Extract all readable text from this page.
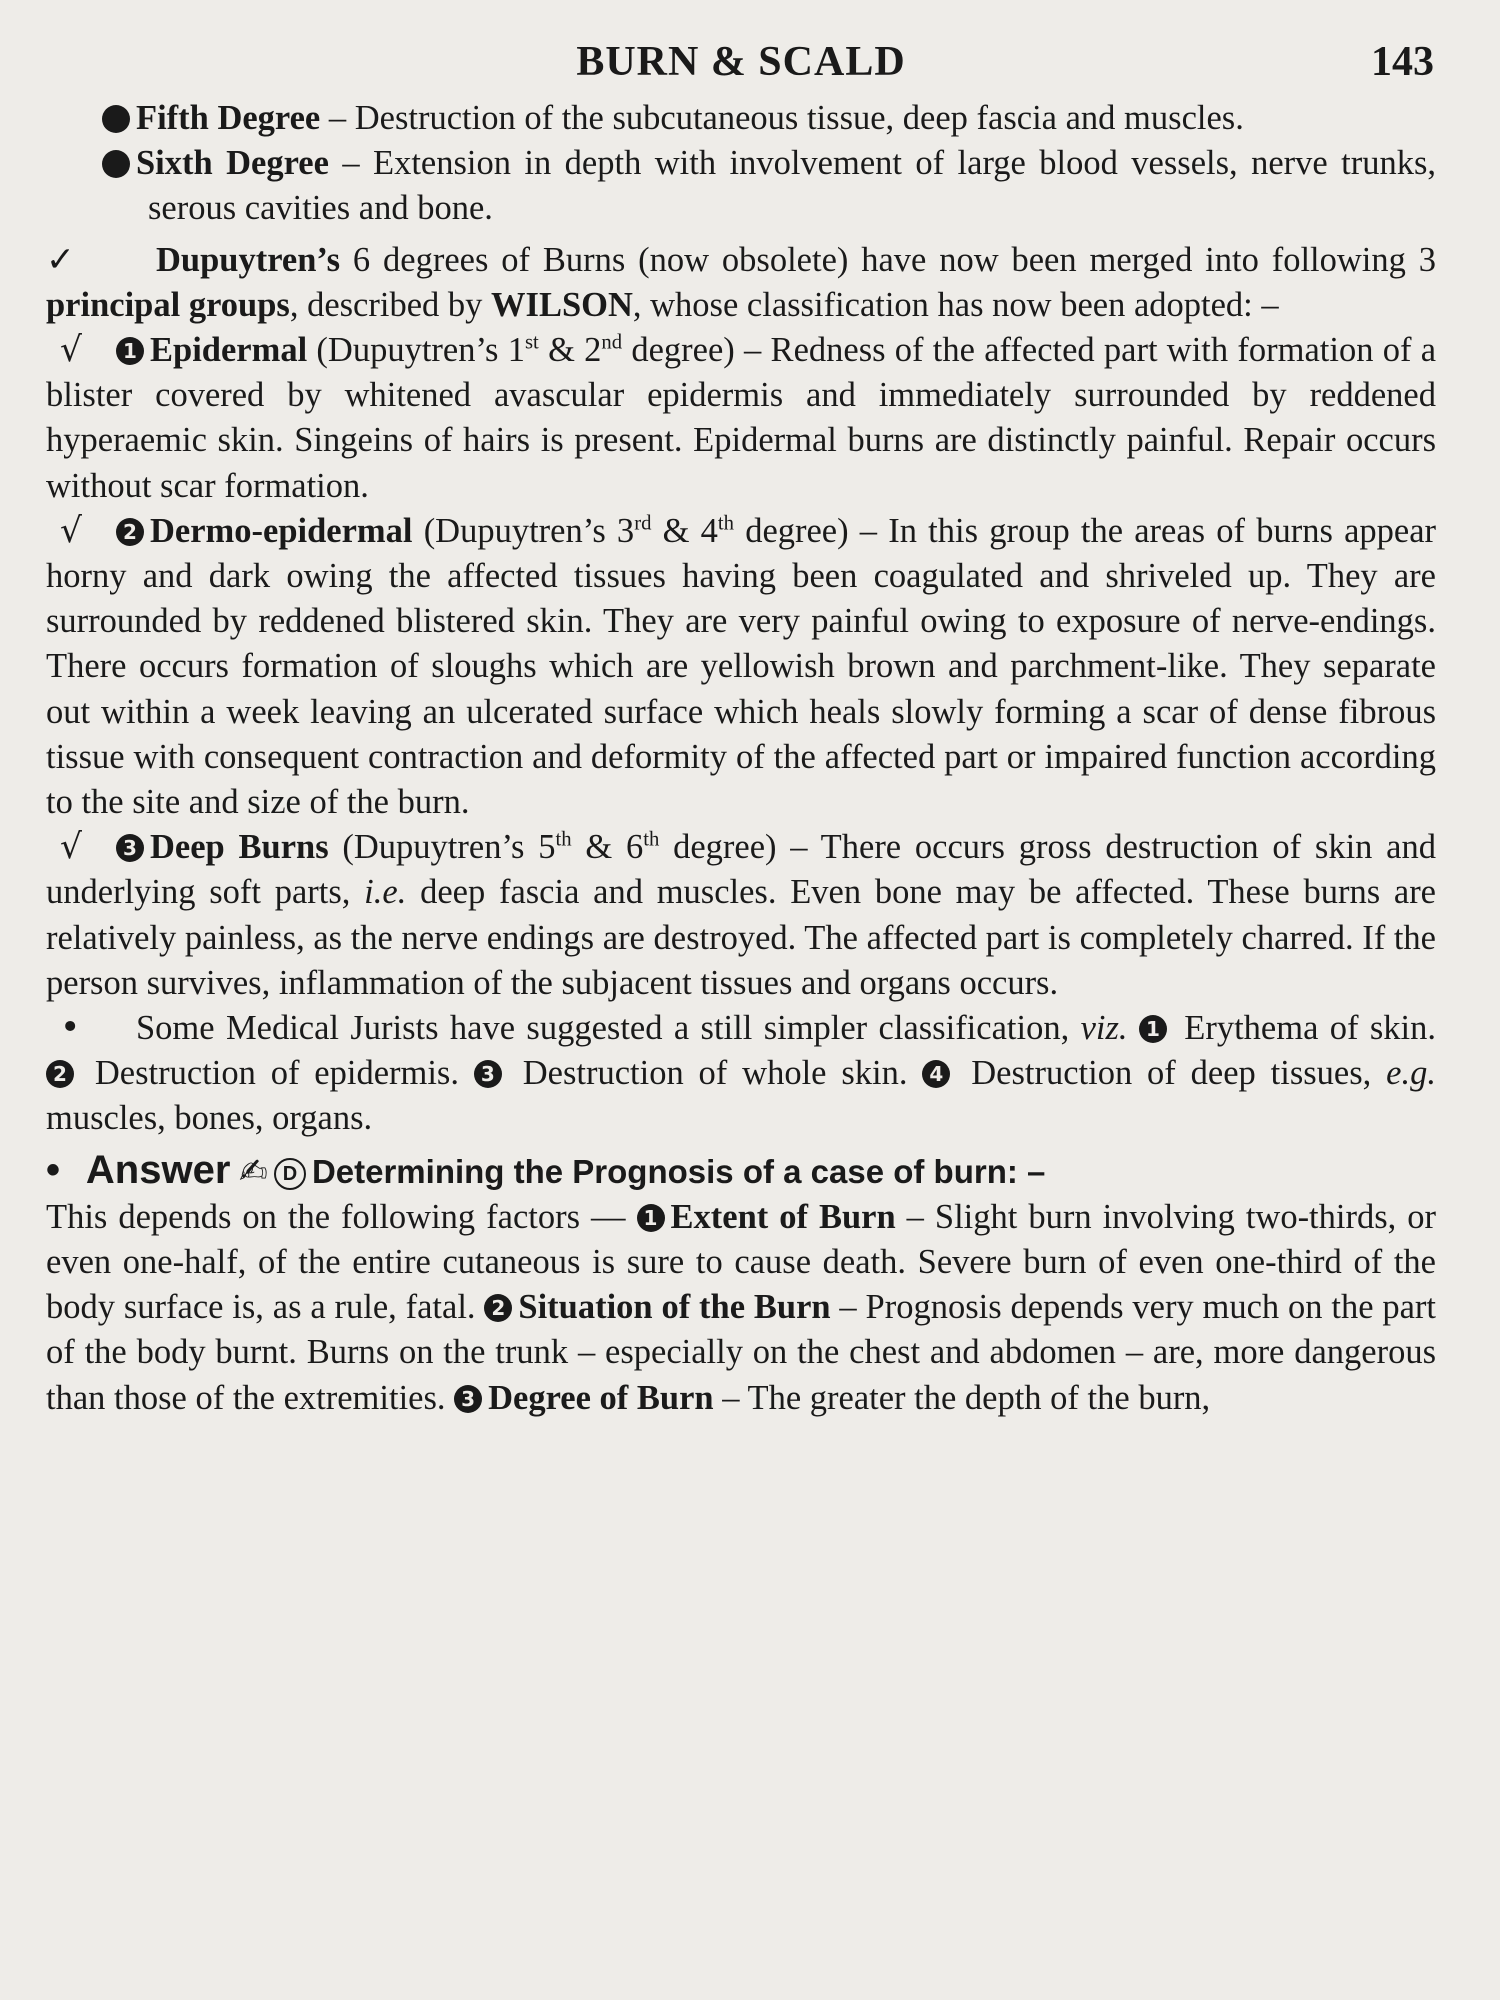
BURN & SCALD	143

5 Fifth Degree – Destruction of the subcutaneous tissue, deep fascia and muscles.

6 Sixth Degree – Extension in depth with involvement of large blood vessels, nerve trunks, serous cavities and bone.

✓ Dupuytren’s 6 degrees of Burns (now obsolete) have now been merged into following 3 principal groups, described by WILSON, whose classification has now been adopted: –

√ 1 Epidermal (Dupuytren’s 1st & 2nd degree) – Redness of the affected part with formation of a blister covered by whitened avascular epidermis and immediately surrounded by reddened hyperaemic skin. Singeins of hairs is present. Epidermal burns are distinctly painful. Repair occurs without scar formation.

√ 2 Dermo-epidermal (Dupuytren’s 3rd & 4th degree) – In this group the areas of burns appear horny and dark owing the affected tissues having been coagulated and shriveled up. They are surrounded by reddened blistered skin. They are very painful owing to exposure of nerve-endings. There occurs formation of sloughs which are yellowish brown and parchment-like. They separate out within a week leaving an ulcerated surface which heals slowly forming a scar of dense fibrous tissue with consequent contraction and deformity of the affected part or impaired function according to the site and size of the burn.

√ 3 Deep Burns (Dupuytren’s 5th & 6th degree) – There occurs gross destruction of skin and underlying soft parts, i.e. deep fascia and muscles. Even bone may be affected. These burns are relatively painless, as the nerve endings are destroyed. The affected part is completely charred. If the person survives, inflammation of the subjacent tissues and organs occurs.

• Some Medical Jurists have suggested a still simpler classification, viz. 1 Erythema of skin. 2 Destruction of epidermis. 3 Destruction of whole skin. 4 Destruction of deep tissues, e.g. muscles, bones, organs.

• Answer ✍ D Determining the Prognosis of a case of burn: –

This depends on the following factors — 1 Extent of Burn – Slight burn involving two-thirds, or even one-half, of the entire cutaneous is sure to cause death. Severe burn of even one-third of the body surface is, as a rule, fatal. 2 Situation of the Burn – Prognosis depends very much on the part of the body burnt. Burns on the trunk – especially on the chest and abdomen – are, more dangerous than those of the extremities. 3 Degree of Burn – The greater the depth of the burn,
